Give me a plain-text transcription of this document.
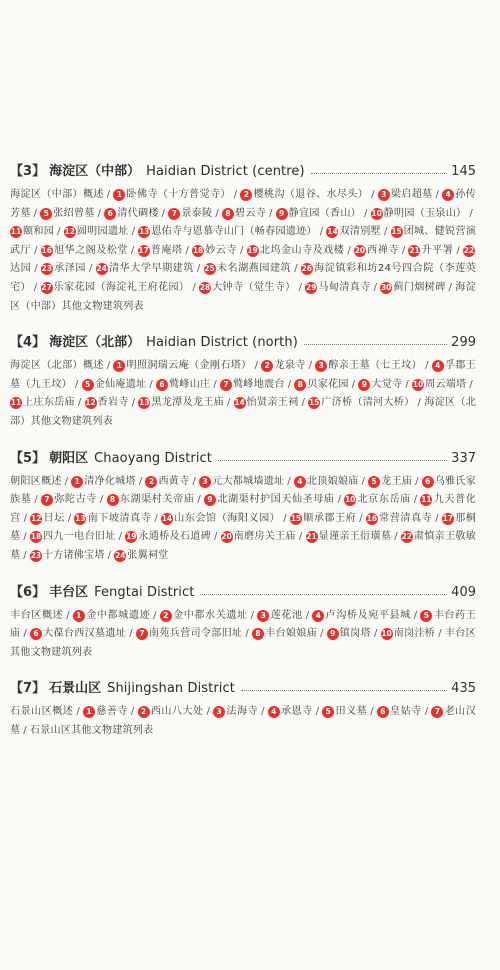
【 3 】 海淀区（中部） Haidian District (centre)	145
海淀区（中部）概述 / 1 卧佛寺（十方普觉寺） / 2 樱桃沟（退谷、水尽头） / 3 梁启超墓 / 4 孙传芳墓 / 5 张绍曾墓 / 6 清代碉楼 / 7 景泰陵 / 8 碧云寺 / 9 静宜园（香山） / 10 静明园（玉泉山） /11 颐和园 / 12 圆明园遗址 / 13 恩佑寺与恩慕寺山门（畅春园遗迹） / 14 双清别墅 / 15 团城、健锐营演武厅 / 16 旭华之阁及松堂 / 17 普庵塔 / 18 妙云寺 / 19 北坞金山寺及戏楼 / 20 西禅寺 / 21 升平署 / 22达园 / 23 承泽园 / 24 清华大学早期建筑 / 25 未名湖燕园建筑 / 26 海淀镇彩和坊24号四合院（李莲英宅） / 27 乐家花园（海淀礼王府花园） / 28 大钟寺（觉生寺） / 29 马甸清真寺 / 30 蓟门烟树碑 / 海淀区（中部）其他文物建筑列表
【 4 】 海淀区（北部） Haidian District (north)	299
海淀区（北部）概述 / 1 明照洞瑞云庵（金刚石塔） / 2 龙泉寺 / 3 醇亲王墓（七王坟） / 4 孚郡王墓（九王坟） / 5 金仙庵遗址 / 6 鹫峰山庄 / 7 鹫峰地震台 / 8 贝家花园 / 9 大觉寺 / 10 周云端塔 /11 上庄东岳庙 / 12 香岩寺 / 13 黑龙潭及龙王庙 / 14 怡贤亲王祠 / 15 广济桥（清河大桥） / 海淀区（北部）其他文物建筑列表
【 5 】 朝阳区 Chaoyang District	337
朝阳区概述 / 1 清净化城塔 / 2 西黄寺 / 3 元大都城墙遗址 / 4 北顶娘娘庙 / 5 龙王庙 / 6 乌雅氏家族墓 / 7 弥陀古寺 / 8 东湖渠村关帝庙 / 9 北湖渠村护国天仙圣母庙 / 10 北京东岳庙 / 11 九天普化宫 / 12 日坛 / 13 南下坡清真寺 / 14 山东会馆（海阳义园） / 15 顺承郡王府 / 16 常营清真寺 / 17 那桐墓 / 18 四九一电台旧址 / 19 永通桥及石道碑 / 20 南磨房关王庙 / 21 显谨亲王衍璜墓 / 22 肃慎亲王敬敏墓 / 23 十方诸佛宝塔 / 24 张翼祠堂
【 6 】 丰台区 Fengtai District	409
丰台区概述 / 1 金中都城遗迹 / 2 金中都水关遗址 / 3 莲花池 / 4 卢沟桥及宛平县城 / 5 丰台药王庙 / 6 大葆台西汉墓遗址 / 7 南苑兵营司令部旧址 / 8 丰台娘娘庙 / 9 镇岗塔 / 10 南岗洼桥 / 丰台区其他文物建筑列表
【 7 】 石景山区 Shijingshan District	435
石景山区概述 / 1 慈善寺 / 2 西山八大处 / 3 法海寺 / 4 承恩寺 / 5 田义墓 / 6 皇姑寺 / 7 老山汉墓 / 石景山区其他文物建筑列表
